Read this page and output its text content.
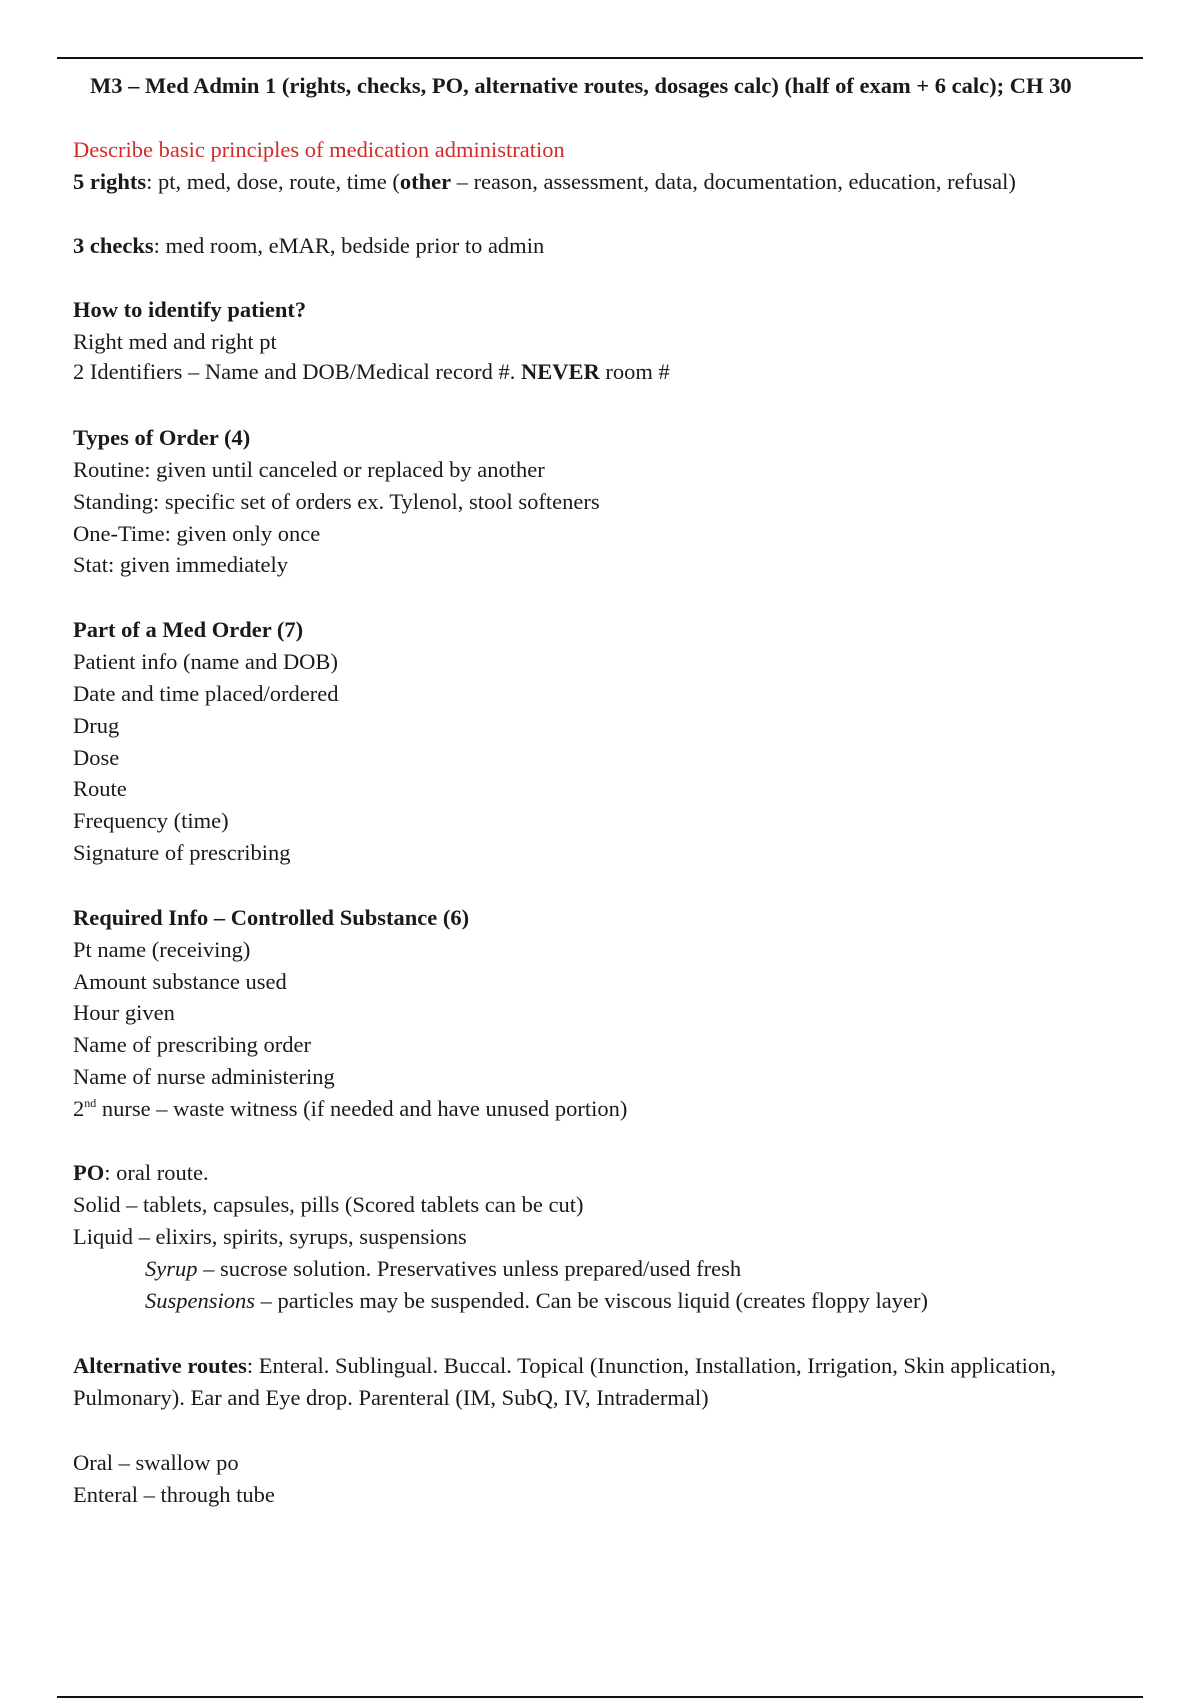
M3 – Med Admin 1 (rights, checks, PO, alternative routes, dosages calc) (half of exam + 6 calc); CH 30
Describe basic principles of medication administration
5 rights: pt, med, dose, route, time (other – reason, assessment, data, documentation, education, refusal)
3 checks: med room, eMAR, bedside prior to admin
How to identify patient?
Right med and right pt
2 Identifiers – Name and DOB/Medical record #. NEVER room #
Types of Order (4)
Routine: given until canceled or replaced by another
Standing: specific set of orders ex. Tylenol, stool softeners
One-Time: given only once
Stat: given immediately
Part of a Med Order (7)
Patient info (name and DOB)
Date and time placed/ordered
Drug
Dose
Route
Frequency (time)
Signature of prescribing
Required Info – Controlled Substance (6)
Pt name (receiving)
Amount substance used
Hour given
Name of prescribing order
Name of nurse administering
2nd nurse – waste witness (if needed and have unused portion)
PO: oral route.
Solid – tablets, capsules, pills (Scored tablets can be cut)
Liquid – elixirs, spirits, syrups, suspensions
Syrup – sucrose solution. Preservatives unless prepared/used fresh
Suspensions – particles may be suspended. Can be viscous liquid (creates floppy layer)
Alternative routes: Enteral. Sublingual. Buccal. Topical (Inunction, Installation, Irrigation, Skin application, Pulmonary). Ear and Eye drop. Parenteral (IM, SubQ, IV, Intradermal)
Oral – swallow po
Enteral – through tube
